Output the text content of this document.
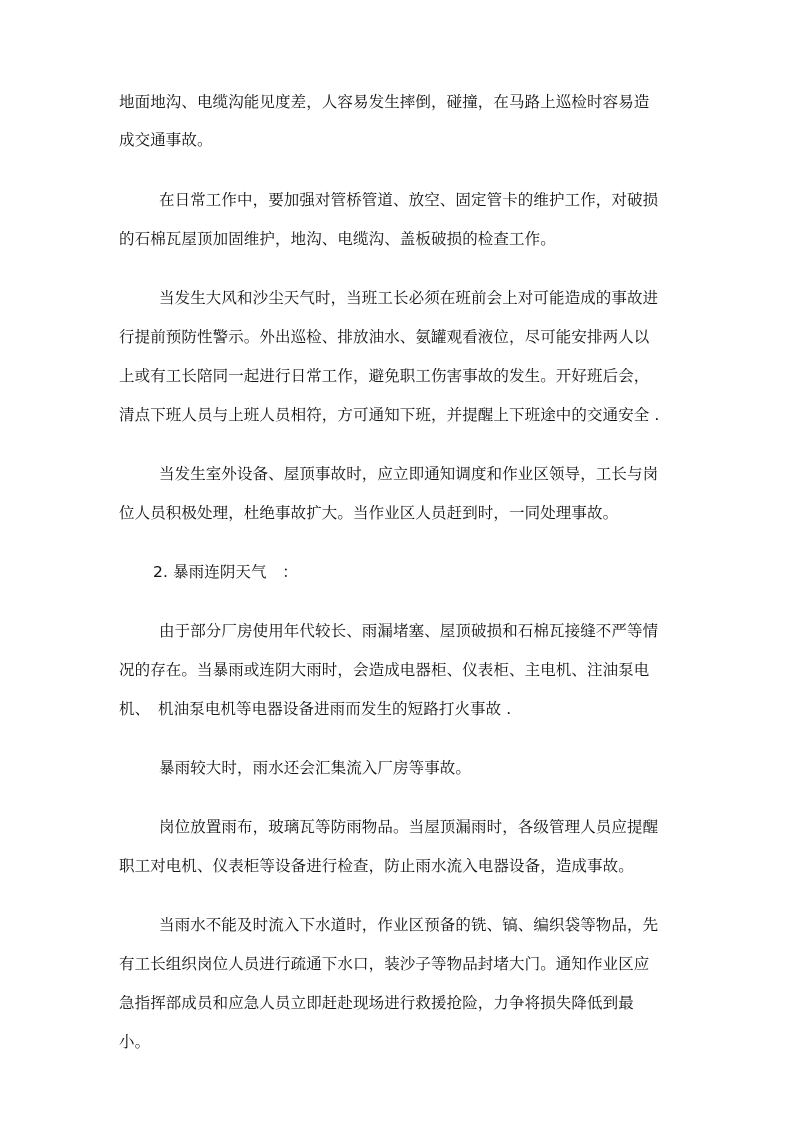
地面地沟、电缆沟能见度差，人容易发生摔倒，碰撞，在马路上巡检时容易造
成交通事故。
在日常工作中，要加强对管桥管道、放空、固定管卡的维护工作，对破损
的石棉瓦屋顶加固维护，地沟、电缆沟、盖板破损的检查工作。
当发生大风和沙尘天气时，当班工长必须在班前会上对可能造成的事故进
行提前预防性警示。外出巡检、排放油水、氨罐观看液位，尽可能安排两人以
上或有工长陪同一起进行日常工作，避免职工伤害事故的发生。开好班后会，
清点下班人员与上班人员相符，方可通知下班，并提醒上下班途中的交通安全 .
当发生室外设备、屋顶事故时，应立即通知调度和作业区领导，工长与岗
位人员积极处理，杜绝事故扩大。当作业区人员赶到时，一同处理事故。
2. 暴雨连阴天气　：
由于部分厂房使用年代较长、雨漏堵塞、屋顶破损和石棉瓦接缝不严等情
况的存在。当暴雨或连阴大雨时，会造成电器柜、仪表柜、主电机、注油泵电
机、　机油泵电机等电器设备进雨而发生的短路打火事故 .
暴雨较大时，雨水还会汇集流入厂房等事故。
岗位放置雨布，玻璃瓦等防雨物品。当屋顶漏雨时，各级管理人员应提醒
职工对电机、仪表柜等设备进行检查，防止雨水流入电器设备，造成事故。
当雨水不能及时流入下水道时，作业区预备的铣、镐、编织袋等物品，先
有工长组织岗位人员进行疏通下水口，装沙子等物品封堵大门。通知作业区应
急指挥部成员和应急人员立即赶赴现场进行救援抢险，力争将损失降低到最
小。
